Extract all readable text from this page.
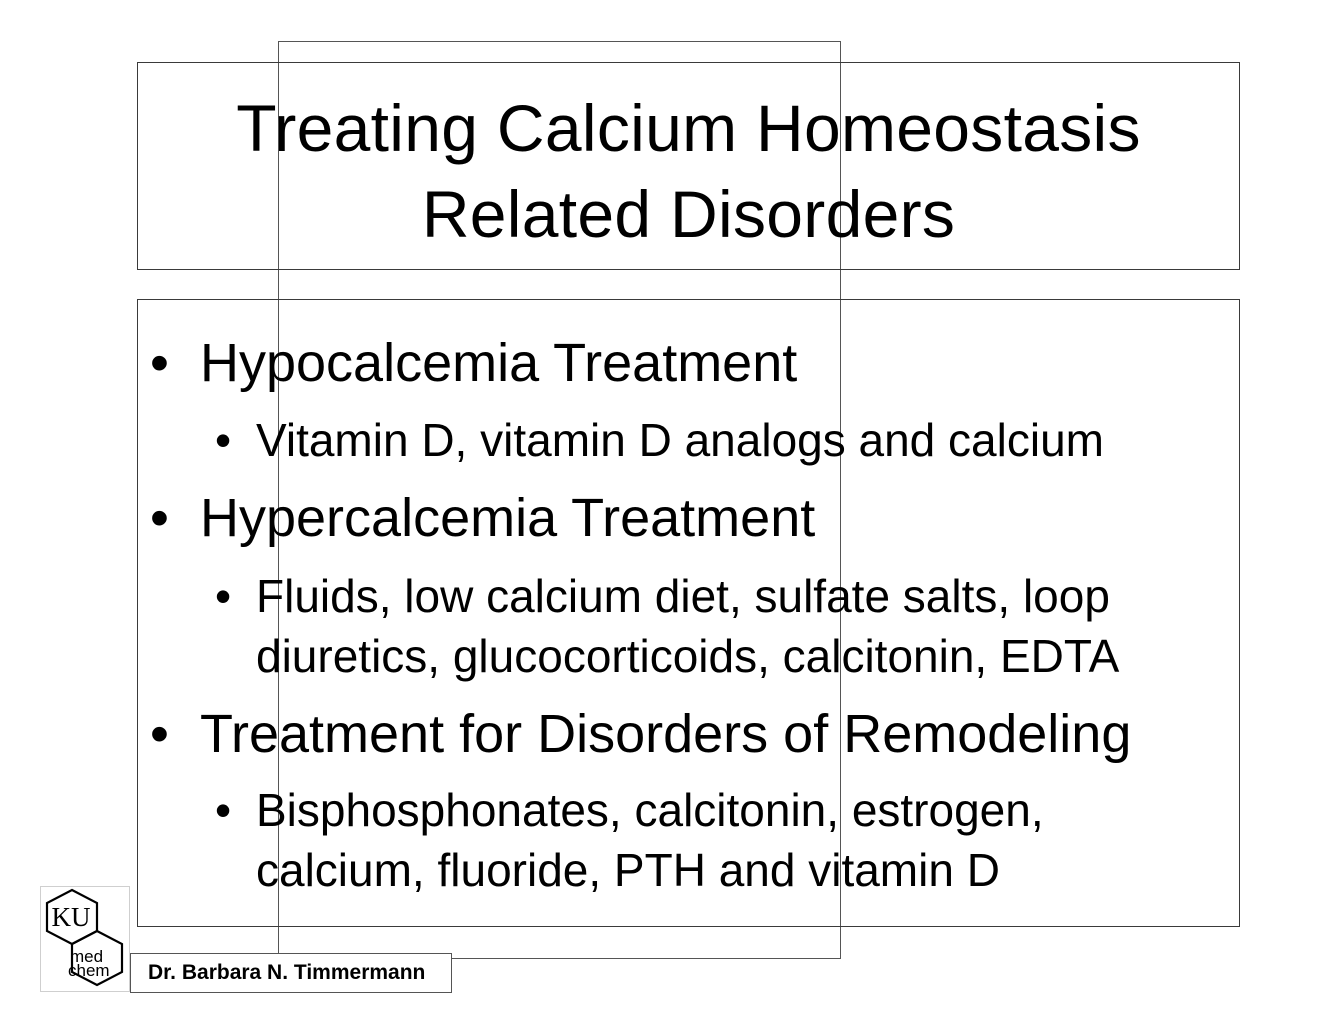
Treating Calcium Homeostasis
Related Disorders
• Hypocalcemia Treatment
• Vitamin D, vitamin D analogs and calcium
• Hypercalcemia Treatment
• Fluids, low calcium diet, sulfate salts, loop
diuretics, glucocorticoids, calcitonin, EDTA
• Treatment for Disorders of Remodeling
• Bisphosphonates, calcitonin, estrogen,
calcium, fluoride, PTH and vitamin D
KU
med
chem	Dr. Barbara N. Timmermann
